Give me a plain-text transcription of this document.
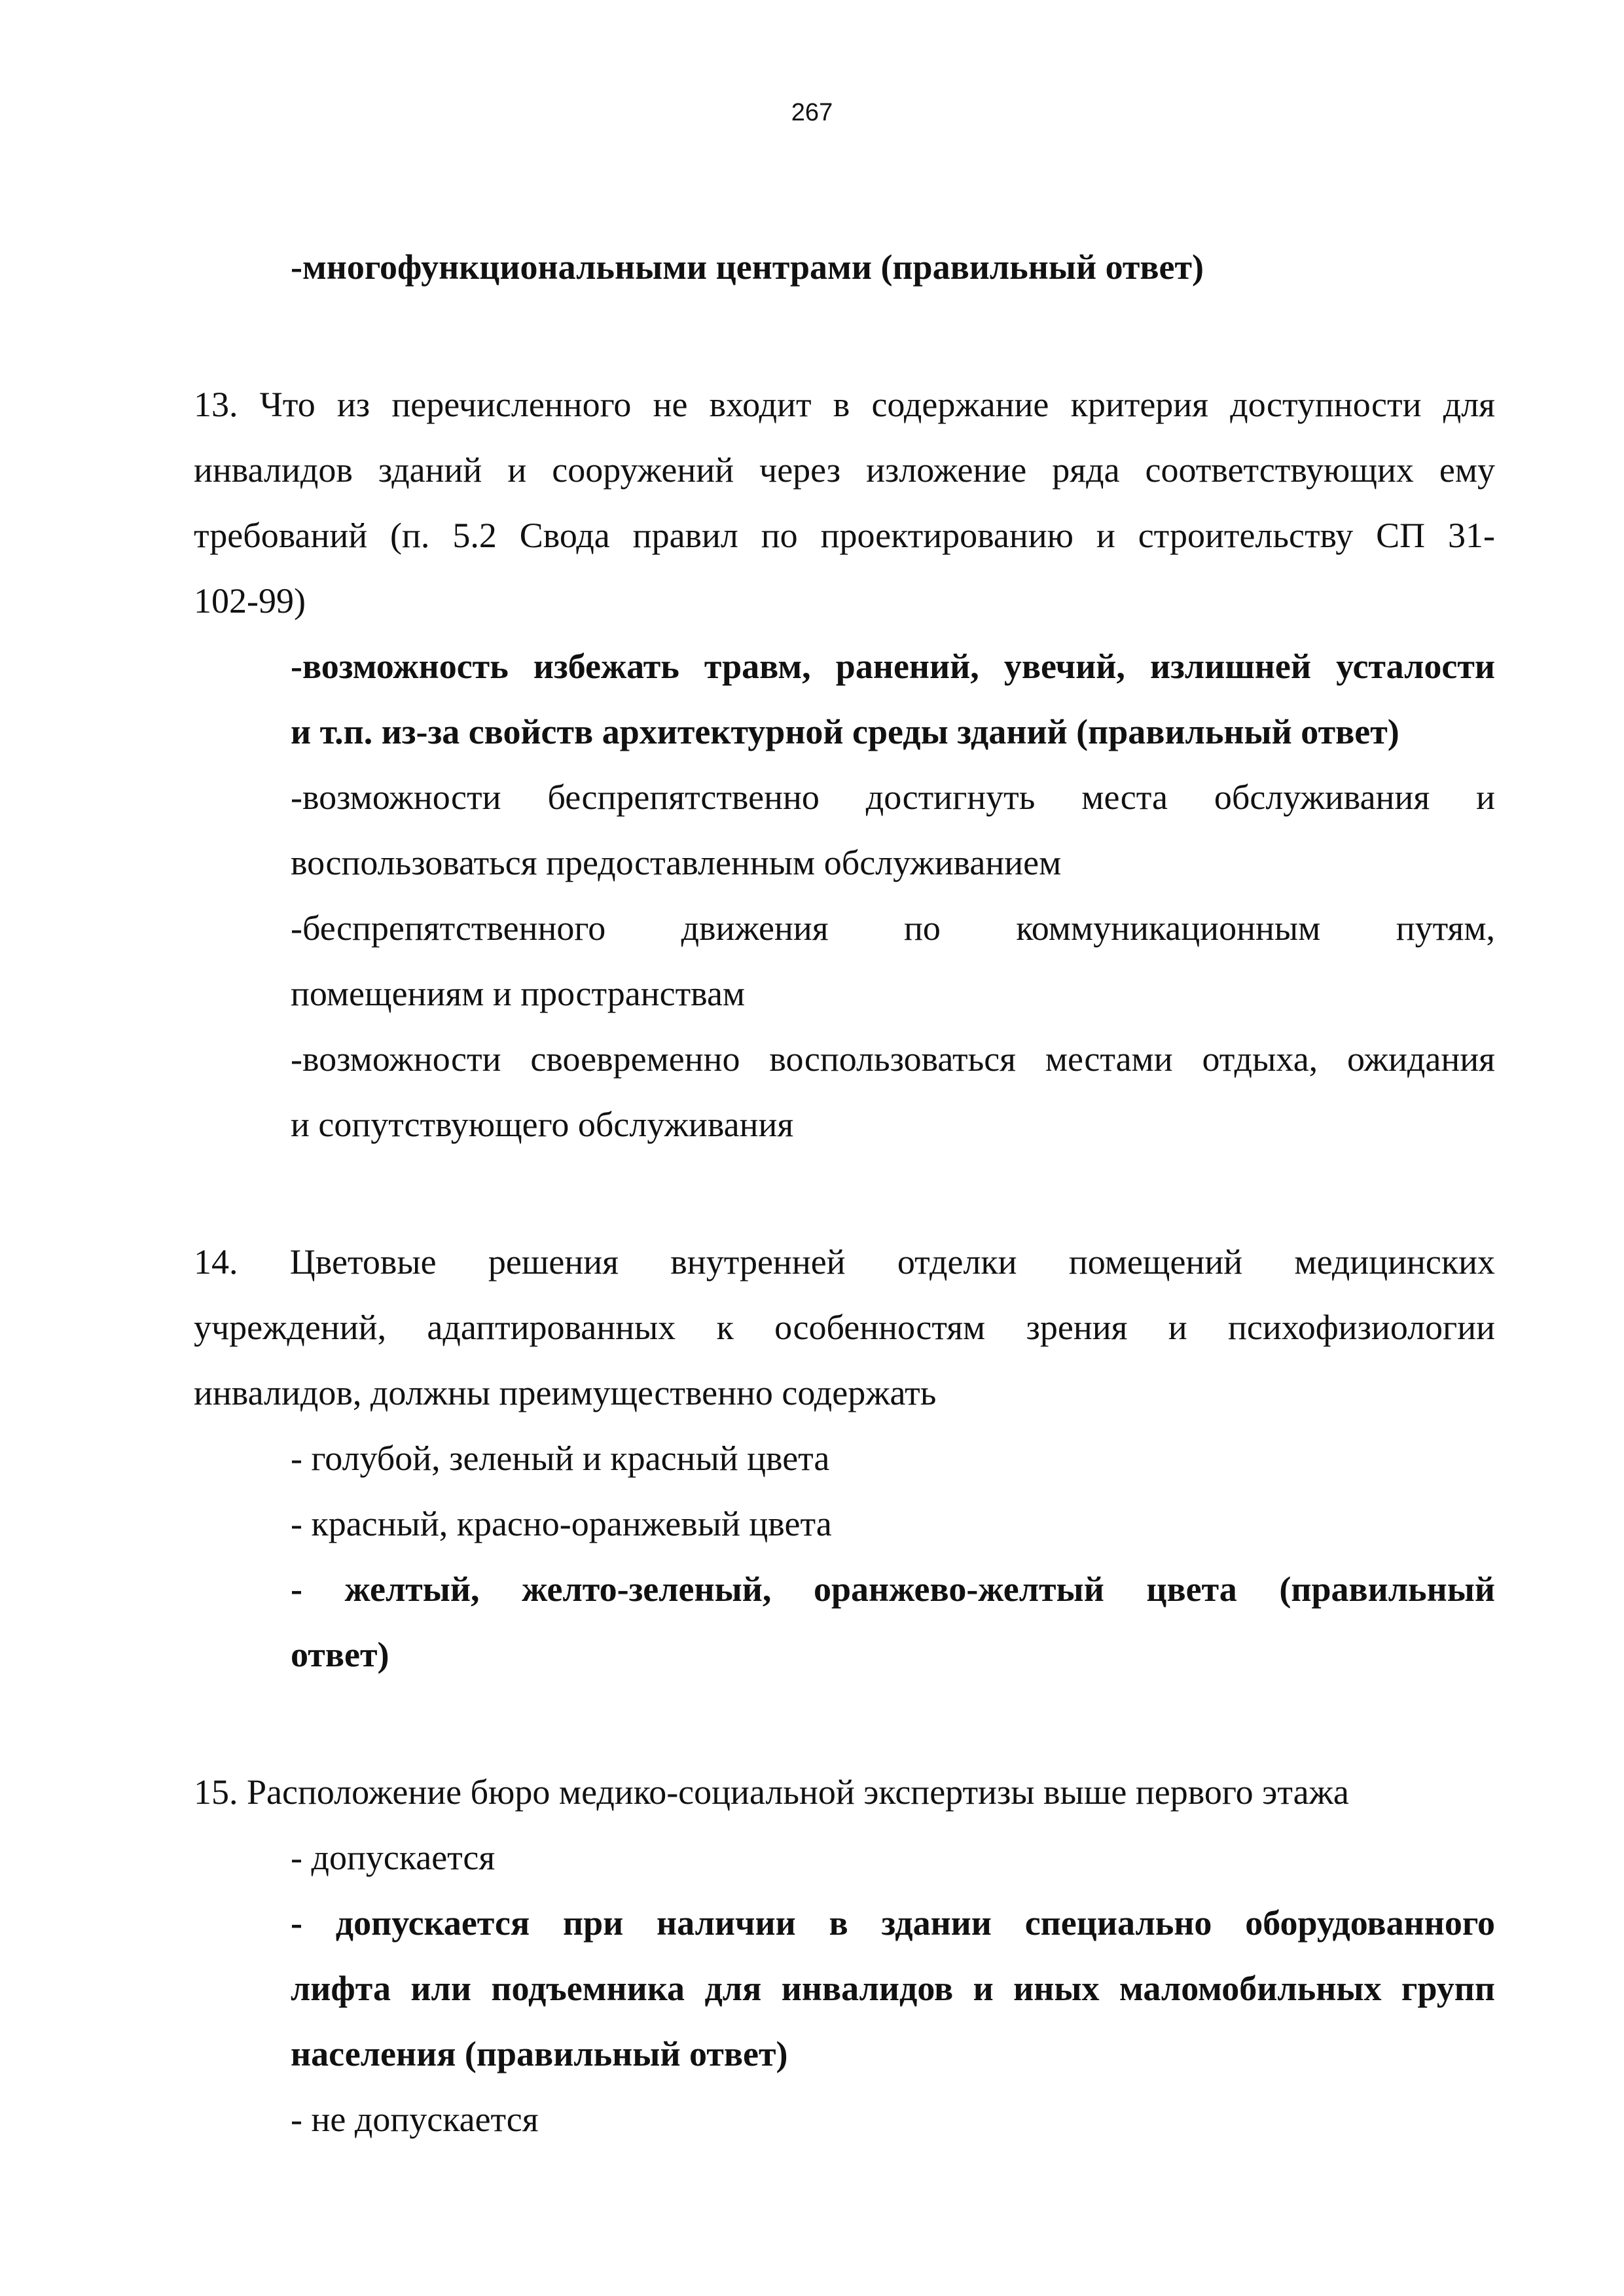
267
-многофункциональными центрами (правильный ответ)
13. Что из перечисленного не входит в содержание критерия доступности для
инвалидов зданий и сооружений через изложение ряда соответствующих ему
требований (п. 5.2 Свода правил по проектированию и строительству СП 31-
102-99)
-возможность избежать травм, ранений, увечий, излишней усталости
и т.п. из-за свойств архитектурной среды зданий (правильный ответ)
-возможности беспрепятственно достигнуть места обслуживания и
воспользоваться предоставленным обслуживанием
-беспрепятственного движения по коммуникационным путям,
помещениям и пространствам
-возможности своевременно воспользоваться местами отдыха, ожидания
и сопутствующего обслуживания
14. Цветовые решения внутренней отделки помещений медицинских
учреждений, адаптированных к особенностям зрения и психофизиологии
инвалидов, должны преимущественно содержать
- голубой, зеленый и красный цвета
- красный, красно-оранжевый цвета
- желтый, желто-зеленый, оранжево-желтый цвета (правильный
ответ)
15. Расположение бюро медико-социальной экспертизы выше первого этажа
- допускается
- допускается при наличии в здании специально оборудованного
лифта или подъемника для инвалидов и иных маломобильных групп
населения (правильный ответ)
- не допускается
